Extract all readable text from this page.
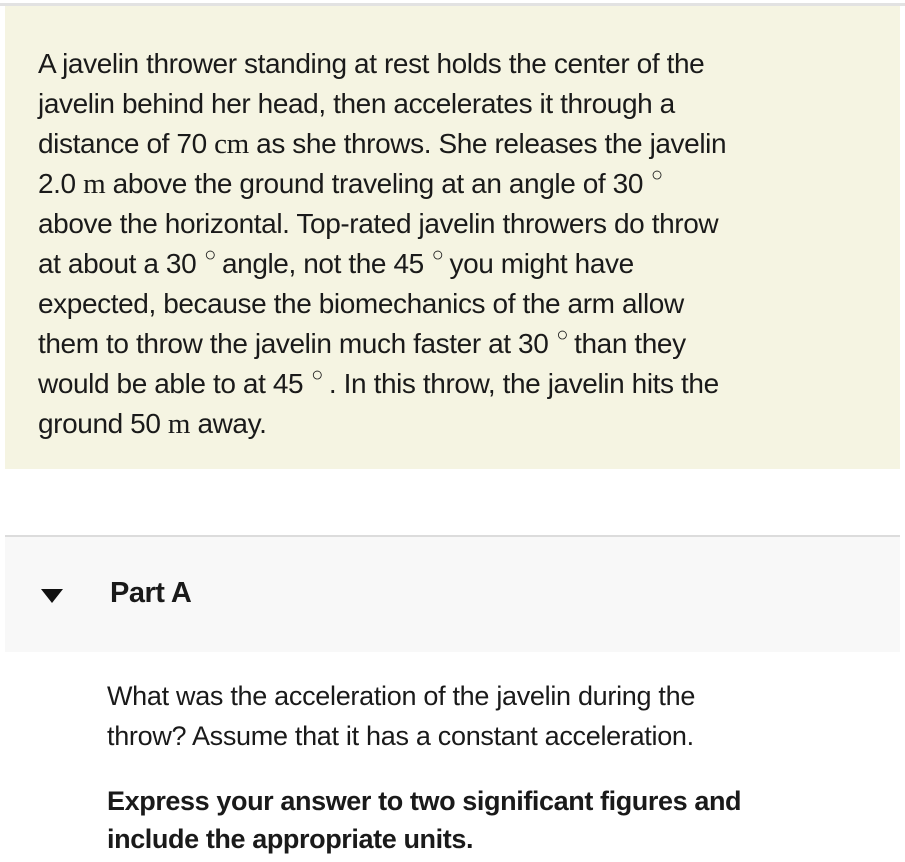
A javelin thrower standing at rest holds the center of the
javelin behind her head, then accelerates it through a
distance of 70 cm as she throws. She releases the javelin
2.0 m above the ground traveling at an angle of 30 ○
above the horizontal. Top-rated javelin throwers do throw
at about a 30 ○ angle, not the 45 ○ you might have
expected, because the biomechanics of the arm allow
them to throw the javelin much faster at 30 ○ than they
would be able to at 45 ○ . In this throw, the javelin hits the
ground 50 m away.
Part A
What was the acceleration of the javelin during the
throw? Assume that it has a constant acceleration.
Express your answer to two significant figures and
include the appropriate units.
